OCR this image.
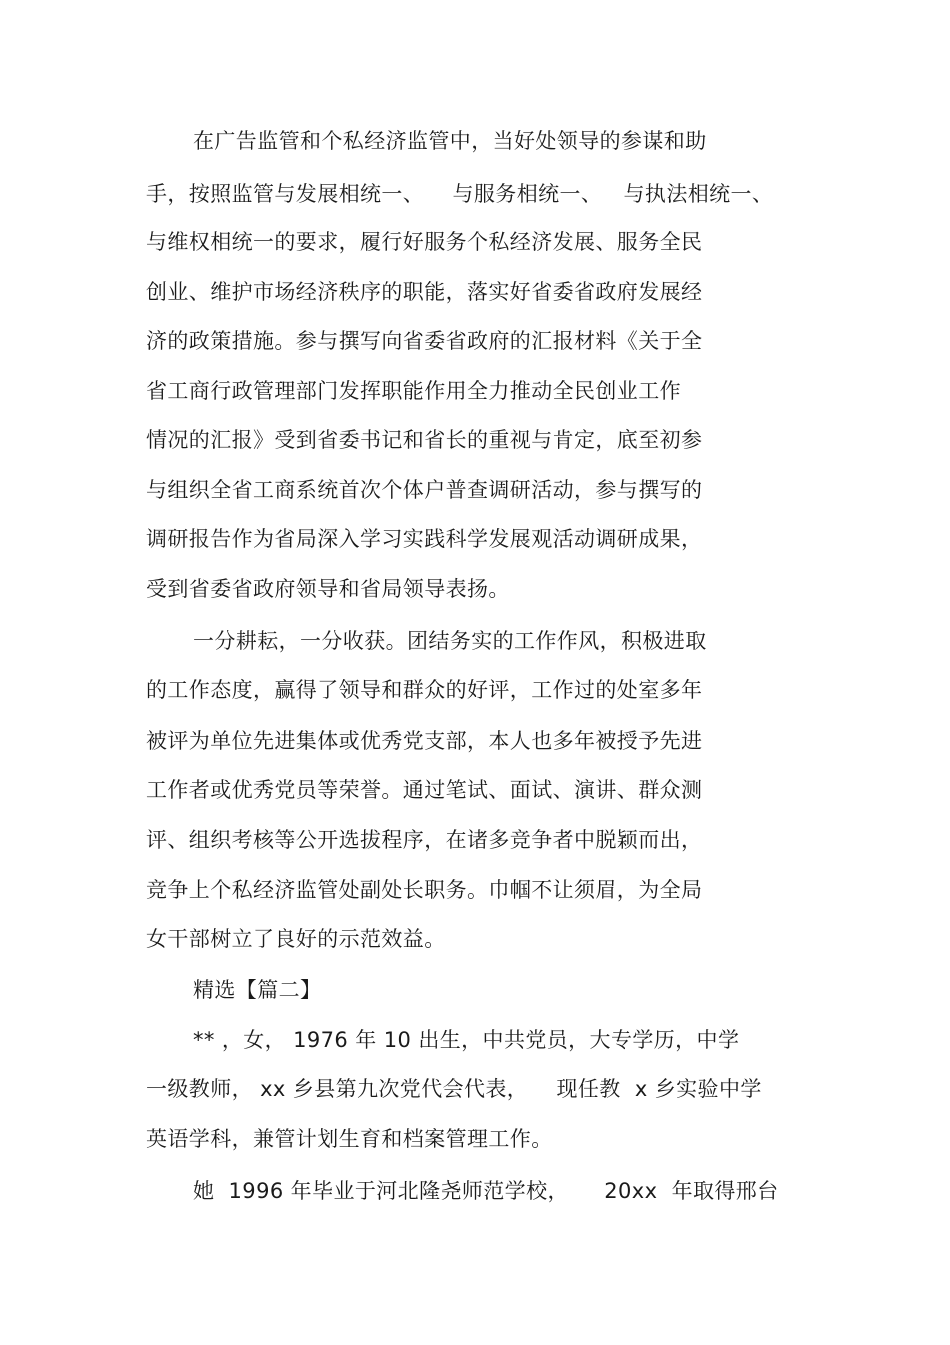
在广告监管和个私经济监管中，当好处领导的参谋和助
手，按照监管与发展相统一、    与服务相统一、   与执法相统一、
与维权相统一的要求，履行好服务个私经济发展、服务全民
创业、维护市场经济秩序的职能，落实好省委省政府发展经
济的政策措施。参与撰写向省委省政府的汇报材料《关于全
省工商行政管理部门发挥职能作用全力推动全民创业工作
情况的汇报》受到省委书记和省长的重视与肯定，底至初参
与组织全省工商系统首次个体户普查调研活动，参与撰写的
调研报告作为省局深入学习实践科学发展观活动调研成果，
受到省委省政府领导和省局领导表扬。
一分耕耘，一分收获。团结务实的工作作风，积极进取
的工作态度，赢得了领导和群众的好评，工作过的处室多年
被评为单位先进集体或优秀党支部，本人也多年被授予先进
工作者或优秀党员等荣誉。通过笔试、面试、演讲、群众测
评、组织考核等公开选拔程序，在诸多竞争者中脱颖而出，
竞争上个私经济监管处副处长职务。巾帼不让须眉，为全局
女干部树立了良好的示范效益。
精选【篇二】
** ，女， 1976 年 10 出生，中共党员，大专学历，中学
一级教师， xx 乡县第九次党代会代表，    现任教  x 乡实验中学
英语学科，兼管计划生育和档案管理工作。
她  1996 年毕业于河北隆尧师范学校，     20xx  年取得邢台
